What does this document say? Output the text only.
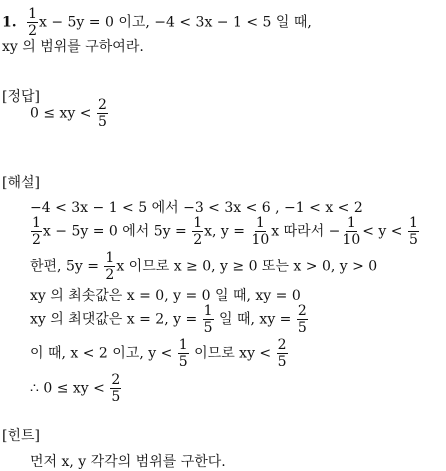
1. $\frac{1}{2}$ x − 5y = 0 이고, −4 < 3x − 1 < 5 일 때,
xy 의 범위를 구하여라.
[정답]
0 ≤ xy < $\frac{2}{5}$
[해설]
−4 < 3x − 1 < 5 에서 −3 < 3x < 6 , −1 < x < 2
$\frac{1}{2}$ x − 5y = 0 에서 $5y = \frac{1}{2} x$, $y = \frac{1}{10}$ x 따라서 − $\frac{1}{10} < y < \frac{1}{5}$
한편, $5y = \frac{1}{2}$ x 이므로 x ≥ 0, y ≥ 0 또는 x > 0, y > 0
xy 의 최솟값은 x = 0, y = 0 일 때, xy = 0
xy 의 최댓값은 x = 2, $y = \frac{1}{5}$ 일 때, xy = $\frac{2}{5}$
이 때, x < 2 이고, $y < \frac{1}{5}$ 이므로 xy < $\frac{2}{5}$
∴ 0 ≤ xy < $\frac{2}{5}$
[힌트]
먼저 x, y 각각의 범위를 구한다.
